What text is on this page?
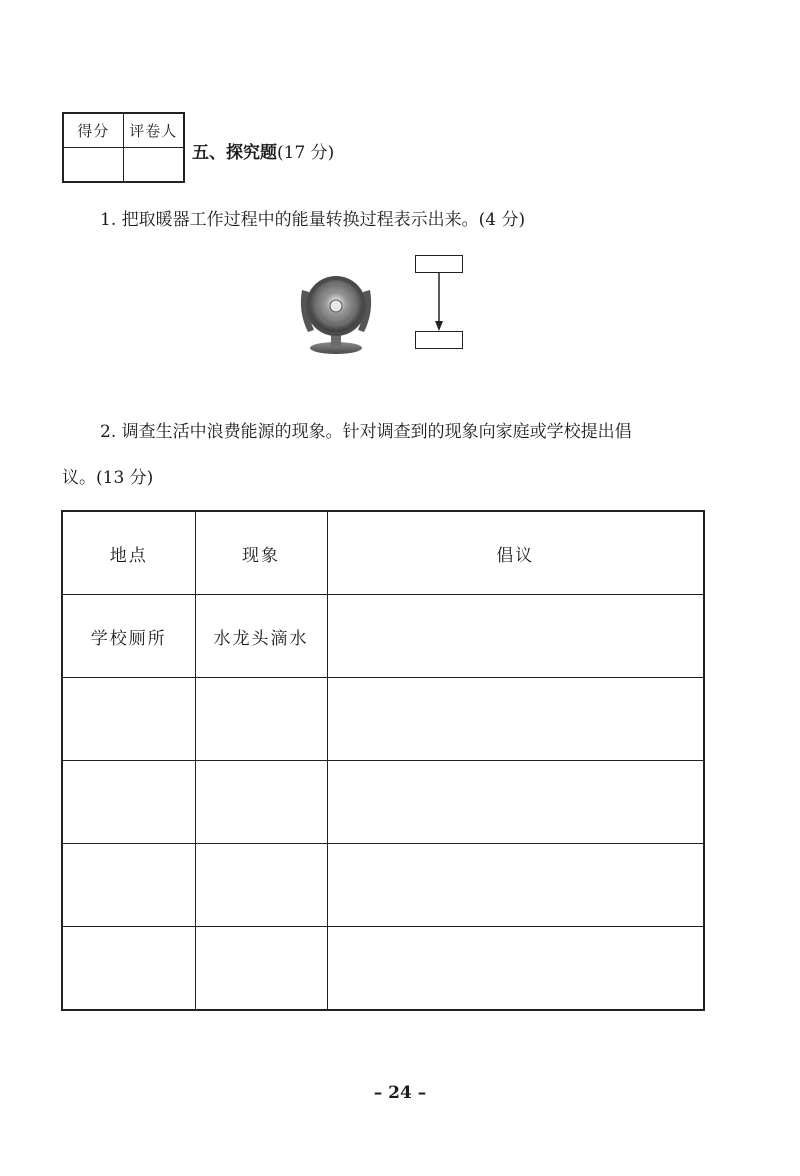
得分	评卷人
五、探究题(17 分)
1. 把取暖器工作过程中的能量转换过程表示出来。(4 分)
2. 调查生活中浪费能源的现象。针对调查到的现象向家庭或学校提出倡
议。(13 分)
地点	现象	倡议
学校厕所	水龙头滴水	

– 24 –
